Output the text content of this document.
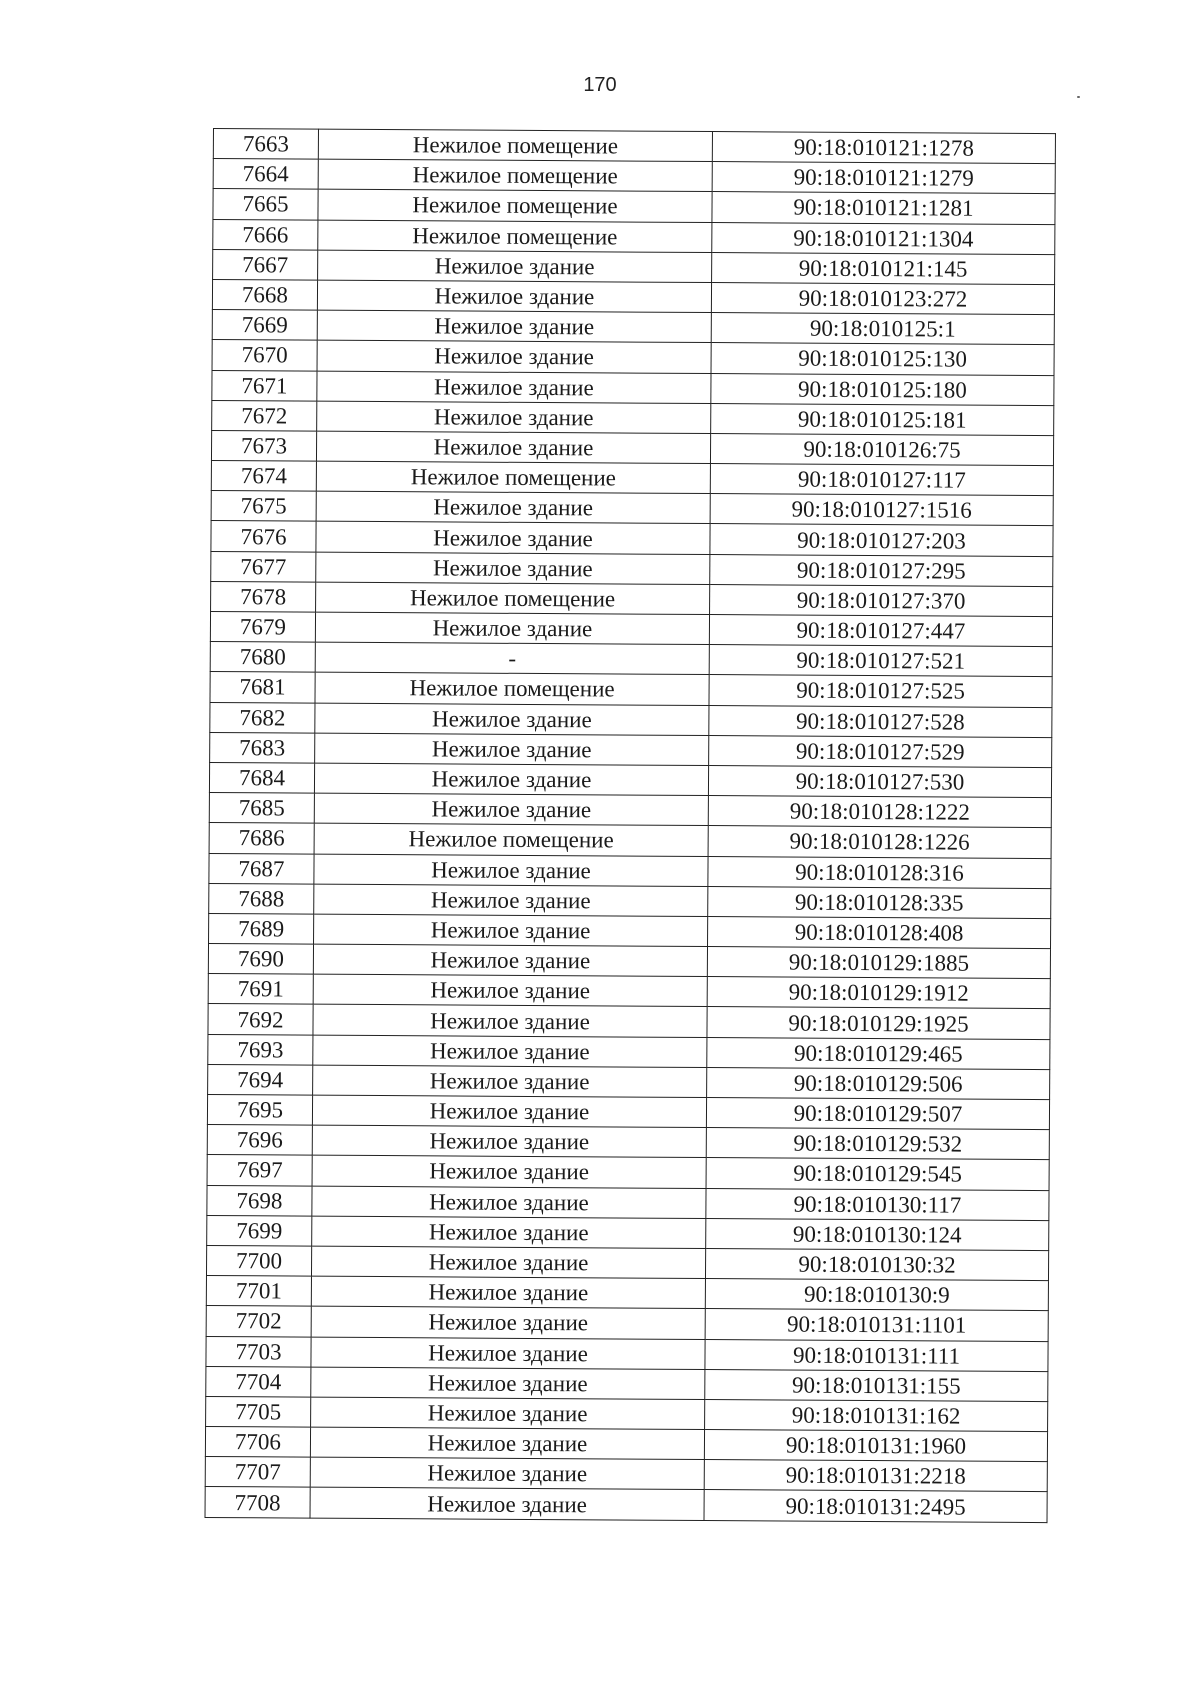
170
7663	Нежилое помещение	90:18:010121:1278
7664	Нежилое помещение	90:18:010121:1279
7665	Нежилое помещение	90:18:010121:1281
7666	Нежилое помещение	90:18:010121:1304
7667	Нежилое здание	90:18:010121:145
7668	Нежилое здание	90:18:010123:272
7669	Нежилое здание	90:18:010125:1
7670	Нежилое здание	90:18:010125:130
7671	Нежилое здание	90:18:010125:180
7672	Нежилое здание	90:18:010125:181
7673	Нежилое здание	90:18:010126:75
7674	Нежилое помещение	90:18:010127:117
7675	Нежилое здание	90:18:010127:1516
7676	Нежилое здание	90:18:010127:203
7677	Нежилое здание	90:18:010127:295
7678	Нежилое помещение	90:18:010127:370
7679	Нежилое здание	90:18:010127:447
7680	-	90:18:010127:521
7681	Нежилое помещение	90:18:010127:525
7682	Нежилое здание	90:18:010127:528
7683	Нежилое здание	90:18:010127:529
7684	Нежилое здание	90:18:010127:530
7685	Нежилое здание	90:18:010128:1222
7686	Нежилое помещение	90:18:010128:1226
7687	Нежилое здание	90:18:010128:316
7688	Нежилое здание	90:18:010128:335
7689	Нежилое здание	90:18:010128:408
7690	Нежилое здание	90:18:010129:1885
7691	Нежилое здание	90:18:010129:1912
7692	Нежилое здание	90:18:010129:1925
7693	Нежилое здание	90:18:010129:465
7694	Нежилое здание	90:18:010129:506
7695	Нежилое здание	90:18:010129:507
7696	Нежилое здание	90:18:010129:532
7697	Нежилое здание	90:18:010129:545
7698	Нежилое здание	90:18:010130:117
7699	Нежилое здание	90:18:010130:124
7700	Нежилое здание	90:18:010130:32
7701	Нежилое здание	90:18:010130:9
7702	Нежилое здание	90:18:010131:1101
7703	Нежилое здание	90:18:010131:111
7704	Нежилое здание	90:18:010131:155
7705	Нежилое здание	90:18:010131:162
7706	Нежилое здание	90:18:010131:1960
7707	Нежилое здание	90:18:010131:2218
7708	Нежилое здание	90:18:010131:2495
